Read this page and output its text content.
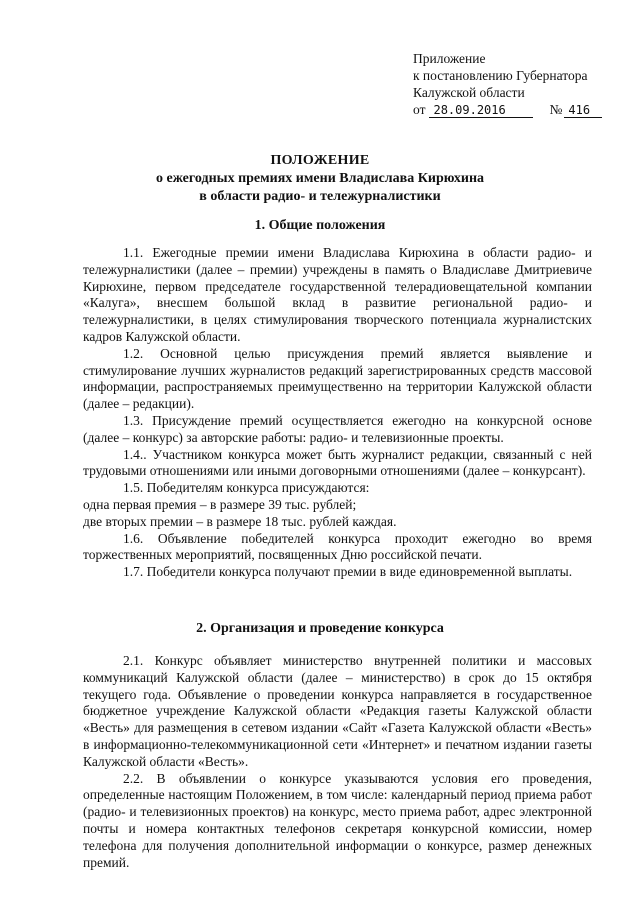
Приложение
к постановлению Губернатора
Калужской области
от 28.09.2016	№ 416
ПОЛОЖЕНИЕ
о ежегодных премиях имени Владислава Кирюхина
в области радио- и тележурналистики
1. Общие положения

1.1. Ежегодные премии имени Владислава Кирюхина в области радио- и тележурналистики (далее – премии) учреждены в память о Владиславе Дмитриевиче Кирюхине, первом председателе государственной телерадиовещательной компании «Калуга», внесшем большой вклад в развитие региональной радио- и тележурналистики, в целях стимулирования творческого потенциала журналистских кадров Калужской области.

1.2. Основной целью присуждения премий является выявление и стимулирование лучших журналистов редакций зарегистрированных средств массовой информации, распространяемых преимущественно на территории Калужской области (далее – редакции).

1.3. Присуждение премий осуществляется ежегодно на конкурсной основе (далее – конкурс) за авторские работы: радио- и телевизионные проекты.

1.4.. Участником конкурса может быть журналист редакции, связанный с ней трудовыми отношениями или иными договорными отношениями (далее – конкурсант).

1.5. Победителям конкурса присуждаются:

одна первая премия – в размере 39 тыс. рублей;

две вторых премии – в размере 18 тыс. рублей каждая.

1.6. Объявление победителей конкурса проходит ежегодно во время торжественных мероприятий, посвященных Дню российской печати.

1.7. Победители конкурса получают премии в виде единовременной выплаты.

2. Организация и проведение конкурса

2.1. Конкурс объявляет министерство внутренней политики и массовых коммуникаций Калужской области (далее – министерство) в срок до 15 октября текущего года. Объявление о проведении конкурса направляется в государственное бюджетное учреждение Калужской области «Редакция газеты Калужской области «Весть» для размещения в сетевом издании «Сайт «Газета Калужской области «Весть» в информационно-телекоммуникационной сети «Интернет» и печатном издании газеты Калужской области «Весть».

2.2. В объявлении о конкурсе указываются условия его проведения, определенные настоящим Положением, в том числе: календарный период приема работ (радио- и телевизионных проектов) на конкурс, место приема работ, адрес электронной почты и номера контактных телефонов секретаря конкурсной комиссии, номер телефона для получения дополнительной информации о конкурсе, размер денежных премий.
